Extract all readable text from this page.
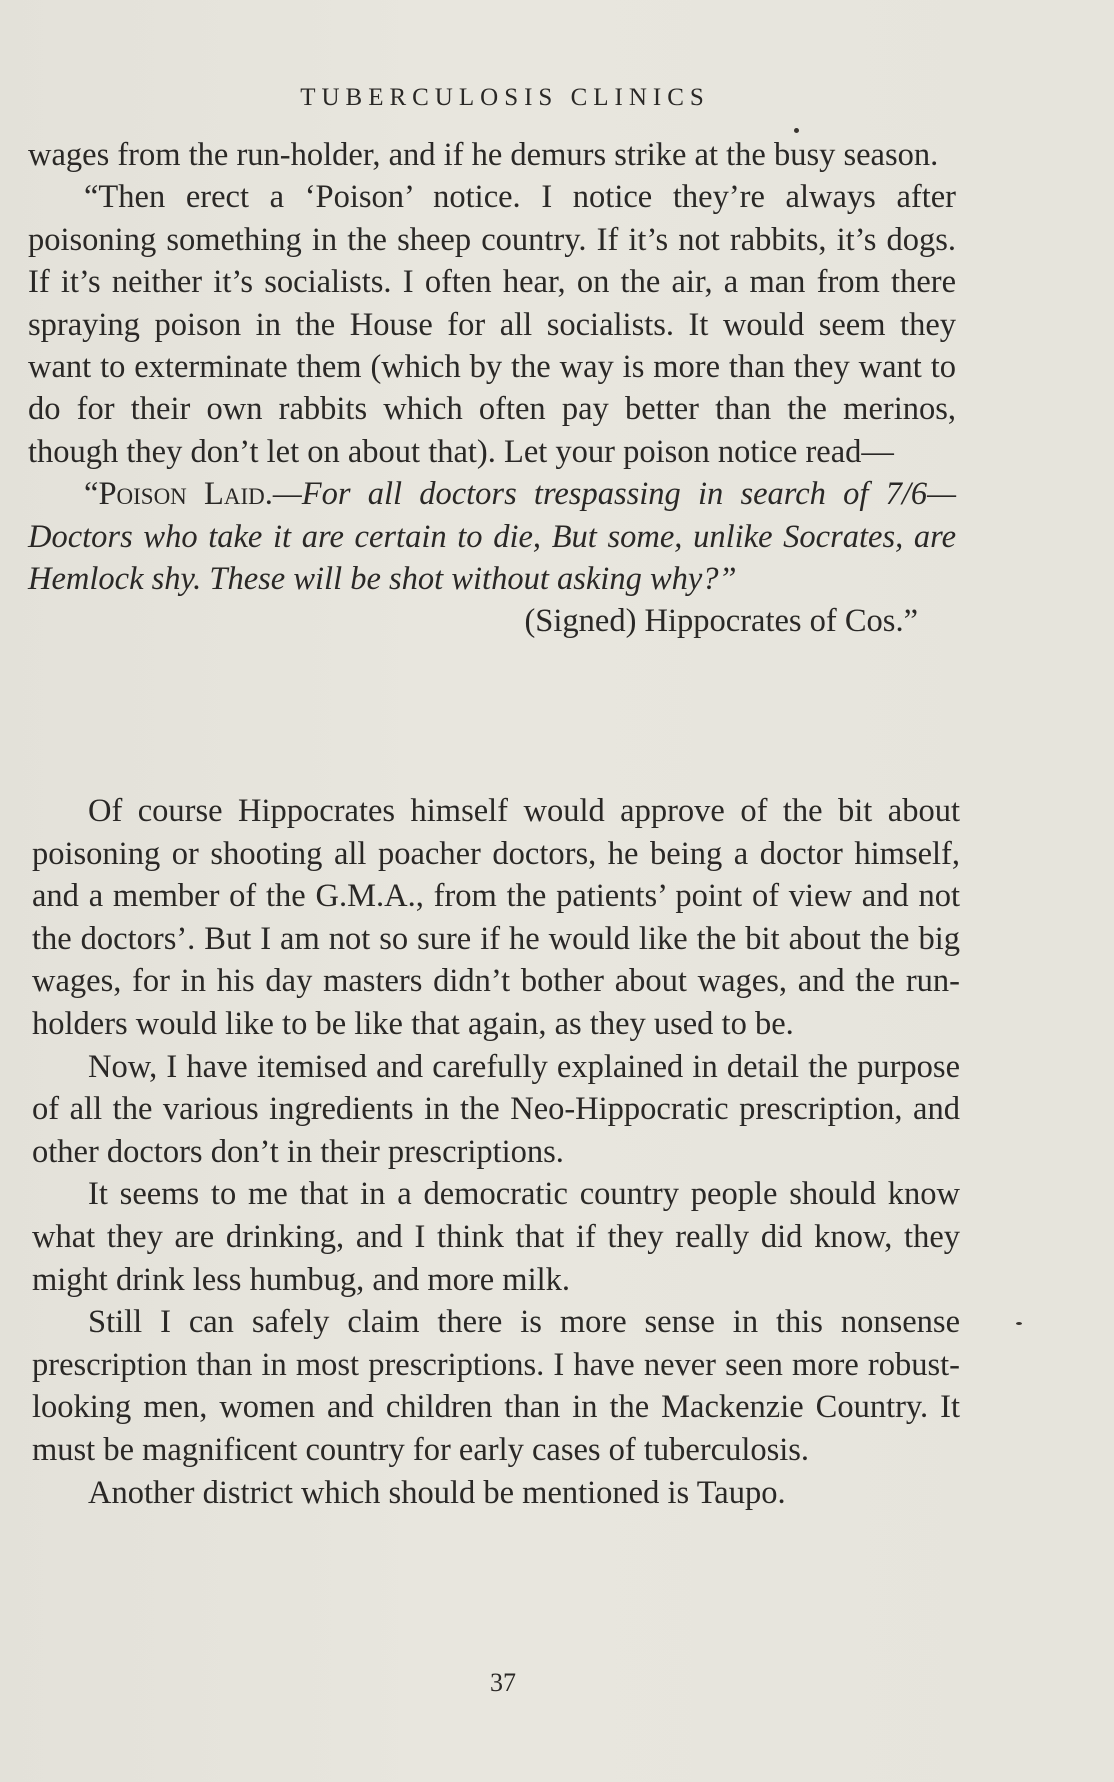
TUBERCULOSIS CLINICS

wages from the run-holder, and if he demurs strike at the busy season.

“Then erect a ‘Poison’ notice. I notice they’re always after poisoning something in the sheep country. If it’s not rabbits, it’s dogs. If it’s neither it’s socialists. I often hear, on the air, a man from there spraying poison in the House for all socialists. It would seem they want to exterminate them (which by the way is more than they want to do for their own rabbits which often pay better than the merinos, though they don’t let on about that). Let your poison notice read—

“Poison Laid.—For all doctors trespassing in search of 7/6—Doctors who take it are certain to die, But some, unlike Socrates, are Hemlock shy. These will be shot without asking why?”

(Signed) Hippocrates of Cos.”

Of course Hippocrates himself would approve of the bit about poisoning or shooting all poacher doctors, he being a doctor himself, and a member of the G.M.A., from the patients’ point of view and not the doctors’. But I am not so sure if he would like the bit about the big wages, for in his day masters didn’t bother about wages, and the run-holders would like to be like that again, as they used to be.

Now, I have itemised and carefully explained in detail the purpose of all the various ingredients in the Neo-Hippocratic prescription, and other doctors don’t in their prescriptions.

It seems to me that in a democratic country people should know what they are drinking, and I think that if they really did know, they might drink less humbug, and more milk.

Still I can safely claim there is more sense in this nonsense prescription than in most prescriptions. I have never seen more robust-looking men, women and children than in the Mackenzie Country. It must be magnificent country for early cases of tuberculosis.

Another district which should be mentioned is Taupo.

37
